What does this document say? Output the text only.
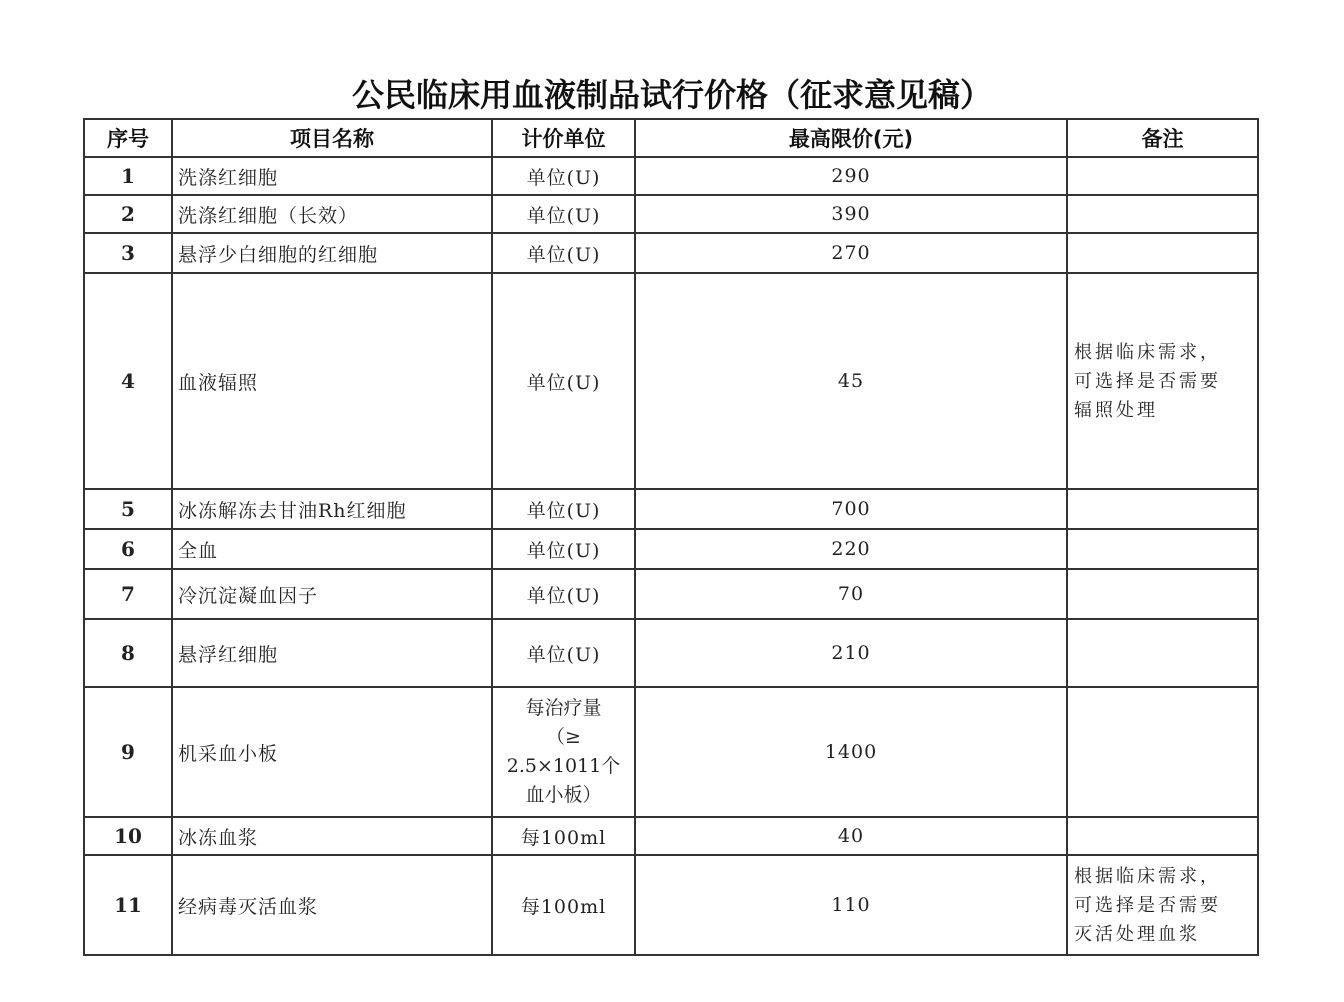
公民临床用血液制品试行价格（征求意见稿）
序号	项目名称	计价单位	最高限价(元)	备注
1	洗涤红细胞	单位(U)	290	
2	洗涤红细胞（长效）	单位(U)	390	
3	悬浮少白细胞的红细胞	单位(U)	270	
4	血液辐照	单位(U)	45	根据临床需求，
可选择是否需要
辐照处理

5	冰冻解冻去甘油Rh红细胞	单位(U)	700	
6	全血	单位(U)	220	
7	冷沉淀凝血因子	单位(U)	70	
8	悬浮红细胞	单位(U)	210	
9	机采血小板	每治疗量
（≥
2.5×1011个
血小板）	1400	
10	冰冻血浆	每100ml	40	
11	经病毒灭活血浆	每100ml	110	根据临床需求，
可选择是否需要
灭活处理血浆
